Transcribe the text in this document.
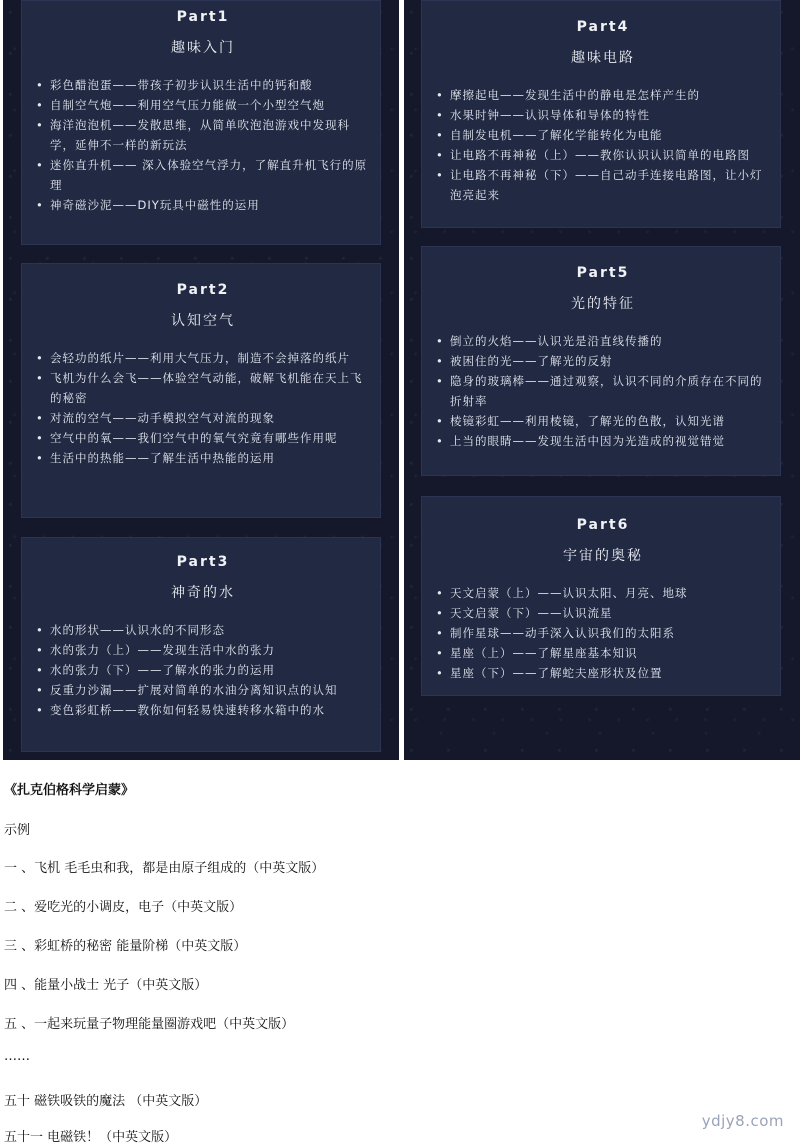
Part1
趣味入门
• 彩色醋泡蛋——带孩子初步认识生活中的钙和酸
• 自制空气炮——利用空气压力能做一个小型空气炮
• 海洋泡泡机——发散思维，从简单吹泡泡游戏中发现科学，延伸不一样的新玩法
• 迷你直升机—— 深入体验空气浮力，了解直升机飞行的原理
• 神奇磁沙泥——DIY玩具中磁性的运用
Part2
认知空气
• 会轻功的纸片——利用大气压力，制造不会掉落的纸片
• 飞机为什么会飞——体验空气动能，破解飞机能在天上飞的秘密
• 对流的空气——动手模拟空气对流的现象
• 空气中的氧——我们空气中的氧气究竟有哪些作用呢
• 生活中的热能——了解生活中热能的运用
Part3
神奇的水
• 水的形状——认识水的不同形态
• 水的张力（上）——发现生活中水的张力
• 水的张力（下）——了解水的张力的运用
• 反重力沙漏——扩展对简单的水油分离知识点的认知
• 变色彩虹桥——教你如何轻易快速转移水箱中的水
Part4
趣味电路
• 摩擦起电——发现生活中的静电是怎样产生的
• 水果时钟——认识导体和导体的特性
• 自制发电机——了解化学能转化为电能
• 让电路不再神秘（上）——教你认识认识简单的电路图
• 让电路不再神秘（下）——自己动手连接电路图，让小灯泡亮起来
Part5
光的特征
• 倒立的火焰——认识光是沿直线传播的
• 被困住的光——了解光的反射
• 隐身的玻璃棒——通过观察，认识不同的介质存在不同的折射率
• 棱镜彩虹——利用棱镜，了解光的色散，认知光谱
• 上当的眼睛——发现生活中因为光造成的视觉错觉
Part6
宇宙的奥秘
• 天文启蒙（上）——认识太阳、月亮、地球
• 天文启蒙（下）——认识流星
• 制作星球——动手深入认识我们的太阳系
• 星座（上）——了解星座基本知识
• 星座（下）——了解蛇夫座形状及位置
《扎克伯格科学启蒙》
示例
一 、飞机 毛毛虫和我，都是由原子组成的（中英文版）
二 、爱吃光的小调皮，电子（中英文版）
三 、彩虹桥的秘密 能量阶梯（中英文版）
四 、能量小战士 光子（中英文版）
五 、一起来玩量子物理能量圈游戏吧（中英文版）
……
五十 磁铁吸铁的魔法 （中英文版）
五十一 电磁铁！（中英文版）
ydjy8.com
